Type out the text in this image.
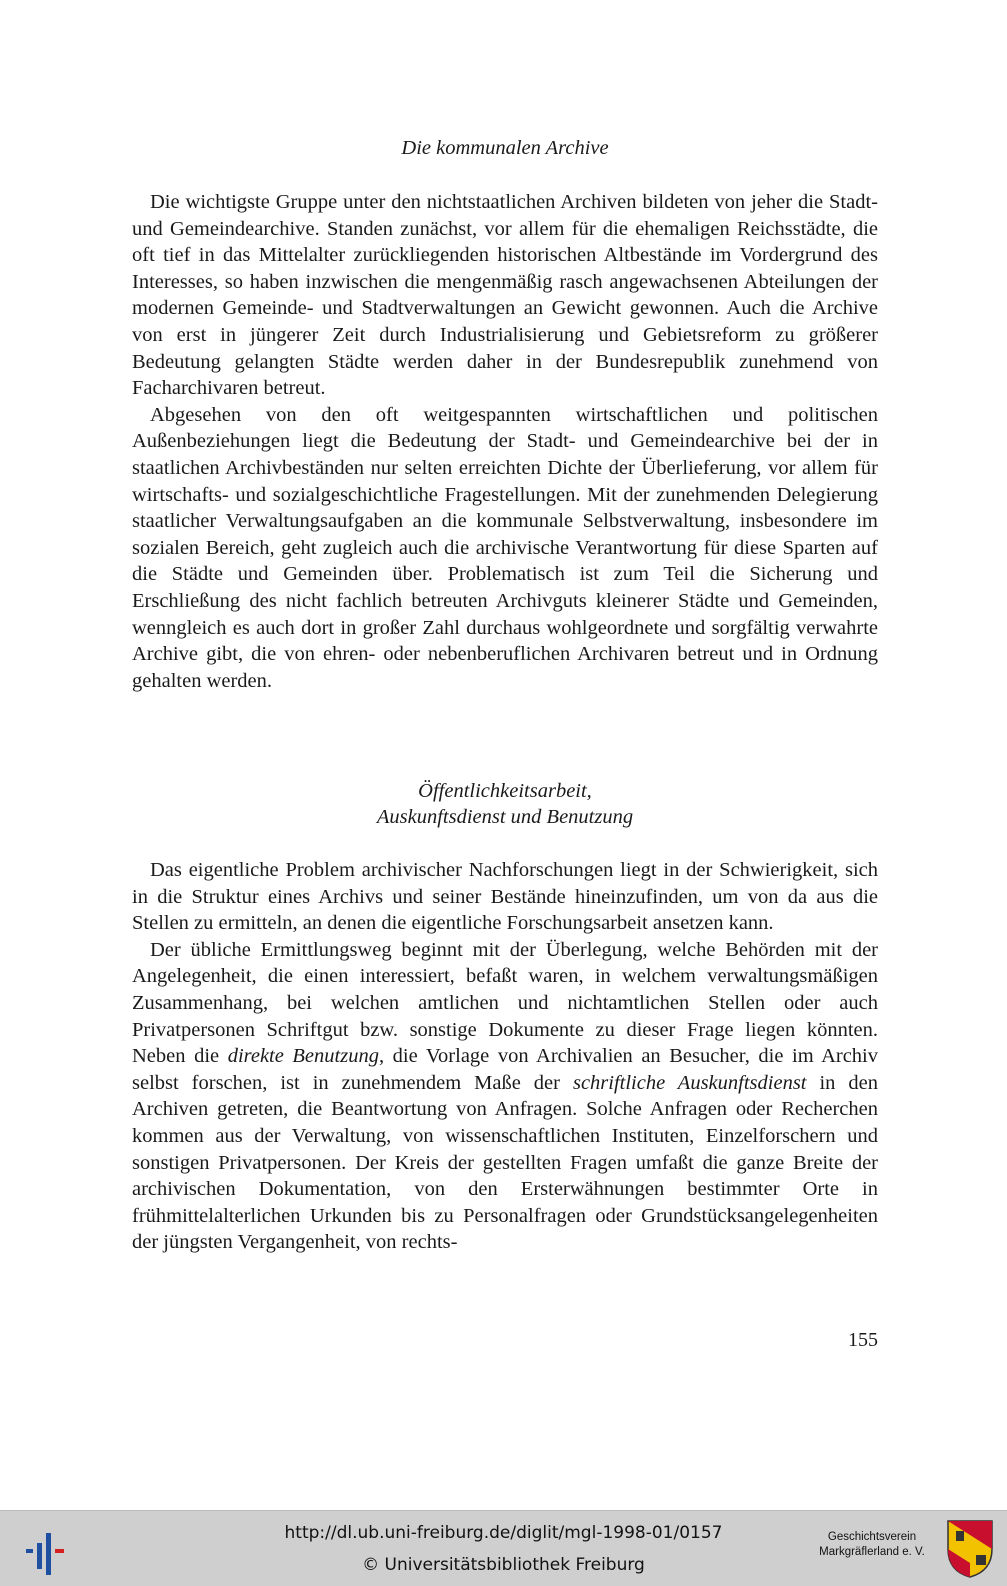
Die kommunalen Archive

Die wichtigste Gruppe unter den nichtstaatlichen Archiven bildeten von jeher die Stadt- und Gemeindearchive. Standen zunächst, vor allem für die ehemaligen Reichsstädte, die oft tief in das Mittelalter zurückliegenden historischen Altbestände im Vordergrund des Interesses, so haben inzwischen die mengenmäßig rasch angewachsenen Abteilungen der modernen Gemeinde- und Stadtverwaltungen an Gewicht gewonnen. Auch die Archive von erst in jüngerer Zeit durch Industrialisierung und Gebietsreform zu größerer Bedeutung gelangten Städte werden daher in der Bundesrepublik zunehmend von Facharchivaren betreut.

Abgesehen von den oft weitgespannten wirtschaftlichen und politischen Außenbeziehungen liegt die Bedeutung der Stadt- und Gemeindearchive bei der in staatlichen Archivbeständen nur selten erreichten Dichte der Überlieferung, vor allem für wirtschafts- und sozialgeschichtliche Fragestellungen. Mit der zunehmenden Delegierung staatlicher Verwaltungsaufgaben an die kommunale Selbstverwaltung, insbesondere im sozialen Bereich, geht zugleich auch die archivische Verantwortung für diese Sparten auf die Städte und Gemeinden über. Problematisch ist zum Teil die Sicherung und Erschließung des nicht fachlich betreuten Archivguts kleinerer Städte und Gemeinden, wenngleich es auch dort in großer Zahl durchaus wohlgeordnete und sorgfältig verwahrte Archive gibt, die von ehren- oder nebenberuflichen Archivaren betreut und in Ordnung gehalten werden.

Öffentlichkeitsarbeit,
Auskunftsdienst und Benutzung

Das eigentliche Problem archivischer Nachforschungen liegt in der Schwierigkeit, sich in die Struktur eines Archivs und seiner Bestände hineinzufinden, um von da aus die Stellen zu ermitteln, an denen die eigentliche Forschungsarbeit ansetzen kann.

Der übliche Ermittlungsweg beginnt mit der Überlegung, welche Behörden mit der Angelegenheit, die einen interessiert, befaßt waren, in welchem verwaltungsmäßigen Zusammenhang, bei welchen amtlichen und nichtamtlichen Stellen oder auch Privatpersonen Schriftgut bzw. sonstige Dokumente zu dieser Frage liegen könnten. Neben die direkte Benutzung, die Vorlage von Archivalien an Besucher, die im Archiv selbst forschen, ist in zunehmendem Maße der schriftliche Auskunftsdienst in den Archiven getreten, die Beantwortung von Anfragen. Solche Anfragen oder Recherchen kommen aus der Verwaltung, von wissenschaftlichen Instituten, Einzelforschern und sonstigen Privatpersonen. Der Kreis der gestellten Fragen umfaßt die ganze Breite der archivischen Dokumentation, von den Ersterwähnungen bestimmter Orte in frühmittelalterlichen Urkunden bis zu Personalfragen oder Grundstücksangelegenheiten der jüngsten Vergangenheit, von rechts-

155
http://dl.ub.uni-freiburg.de/diglit/mgl-1998-01/0157
© Universitätsbibliothek Freiburg
Geschichtsverein
Markgräflerland e. V.
